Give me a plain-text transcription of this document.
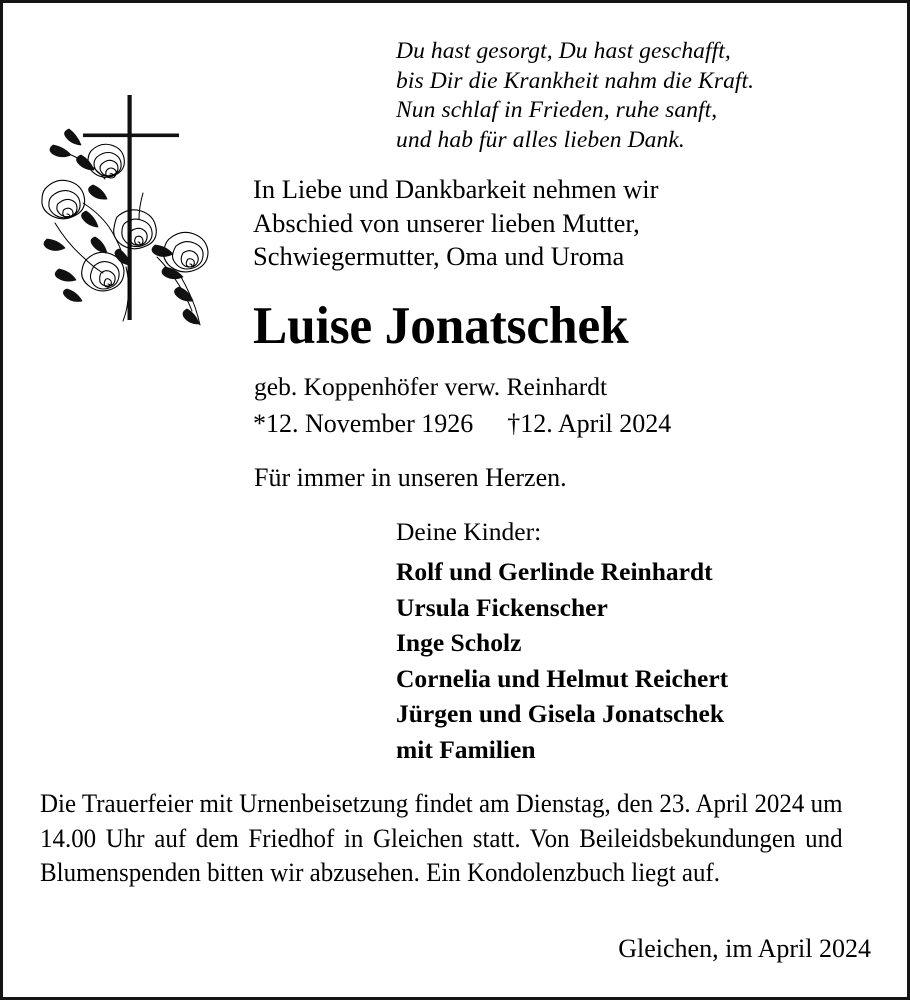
Du hast gesorgt, Du hast geschafft,
bis Dir die Krankheit nahm die Kraft.
Nun schlaf in Frieden, ruhe sanft,
und hab für alles lieben Dank.
In Liebe und Dankbarkeit nehmen wir
Abschied von unserer lieben Mutter,
Schwiegermutter, Oma und Uroma
Luise Jonatschek
geb. Koppenhöfer verw. Reinhardt
*12. November 1926 †12. April 2024
Für immer in unseren Herzen.
Deine Kinder:
Rolf und Gerlinde Reinhardt
Ursula Fickenscher
Inge Scholz
Cornelia und Helmut Reichert
Jürgen und Gisela Jonatschek
mit Familien
Die Trauerfeier mit Urnenbeisetzung findet am Dienstag, den 23. April 2024 um 14.00 Uhr auf dem Friedhof in Gleichen statt. Von Beileidsbekundungen und Blumenspenden bitten wir abzusehen. Ein Kondolenzbuch liegt auf.
Gleichen, im April 2024
